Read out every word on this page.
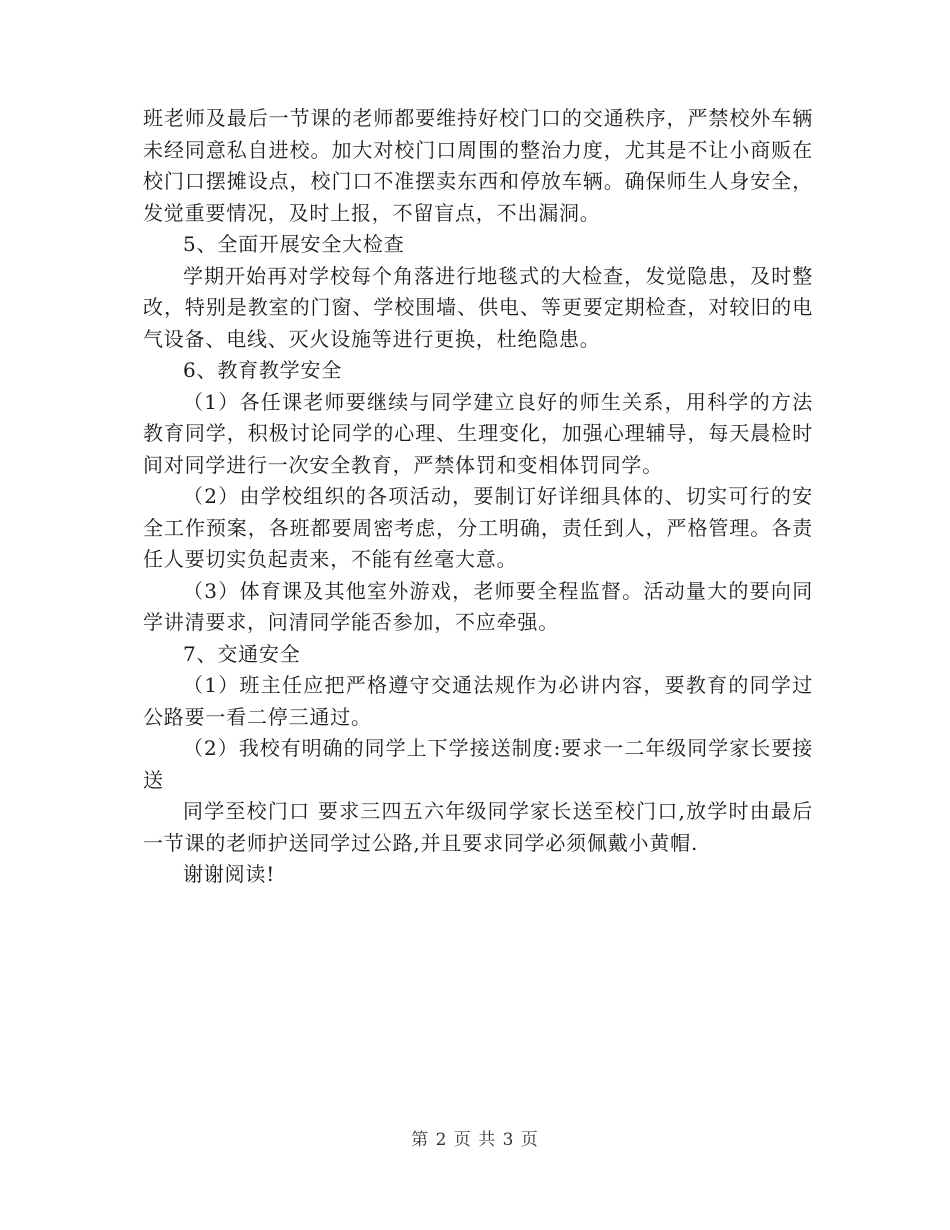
班老师及最后一节课的老师都要维持好校门口的交通秩序，严禁校外车辆未经同意私自进校。加大对校门口周围的整治力度，尤其是不让小商贩在校门口摆摊设点，校门口不准摆卖东西和停放车辆。确保师生人身安全，发觉重要情况，及时上报，不留盲点，不出漏洞。

5、全面开展安全大检查

学期开始再对学校每个角落进行地毯式的大检查，发觉隐患，及时整改，特别是教室的门窗、学校围墙、供电、等更要定期检查，对较旧的电气设备、电线、灭火设施等进行更换，杜绝隐患。

6、教育教学安全

（1）各任课老师要继续与同学建立良好的师生关系，用科学的方法教育同学，积极讨论同学的心理、生理变化，加强心理辅导，每天晨检时间对同学进行一次安全教育，严禁体罚和变相体罚同学。

（2）由学校组织的各项活动，要制订好详细具体的、切实可行的安全工作预案，各班都要周密考虑，分工明确，责任到人，严格管理。各责任人要切实负起责来，不能有丝毫大意。

（3）体育课及其他室外游戏，老师要全程监督。活动量大的要向同学讲清要求，问清同学能否参加，不应牵强。

7、交通安全

（1）班主任应把严格遵守交通法规作为必讲内容，要教育的同学过公路要一看二停三通过。

（2）我校有明确的同学上下学接送制度:要求一二年级同学家长要接送

同学至校门口 要求三四五六年级同学家长送至校门口,放学时由最后一节课的老师护送同学过公路,并且要求同学必须佩戴小黄帽.

谢谢阅读!

第 2 页 共 3 页
